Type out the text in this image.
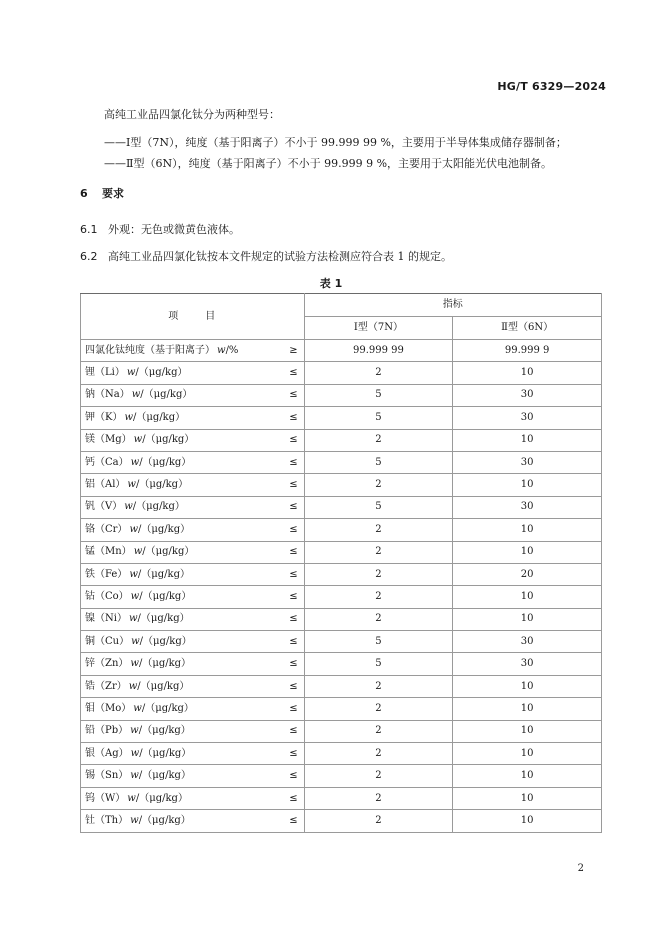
HG/T 6329—2024
高纯工业品四氯化钛分为两种型号：
——Ⅰ型（7N），纯度（基于阳离子）不小于 99.999 99 %，主要用于半导体集成储存器制备；
——Ⅱ型（6N），纯度（基于阳离子）不小于 99.999 9 %，主要用于太阳能光伏电池制备。
6 要求
6.1 外观：无色或微黄色液体。
6.2 高纯工业品四氯化钛按本文件规定的试验方法检测应符合表 1 的规定。
表 1
项 目	指标	
	Ⅰ型（7N）	Ⅱ型（6N）
四氯化钛纯度（基于阳离子） w/% ≥	99.999 99	99.999 9
锂（Li） w/（μg/kg） ≤	2	10
钠（Na） w/（μg/kg） ≤	5	30
钾（K） w/（μg/kg） ≤	5	30
镁（Mg） w/（μg/kg） ≤	2	10
钙（Ca） w/（μg/kg） ≤	5	30
铝（Al） w/（μg/kg） ≤	2	10
钒（V） w/（μg/kg） ≤	5	30
铬（Cr） w/（μg/kg） ≤	2	10
锰（Mn） w/（μg/kg） ≤	2	10
铁（Fe） w/（μg/kg） ≤	2	20
钴（Co） w/（μg/kg） ≤	2	10
镍（Ni） w/（μg/kg） ≤	2	10
铜（Cu） w/（μg/kg） ≤	5	30
锌（Zn） w/（μg/kg） ≤	5	30
锆（Zr） w/（μg/kg） ≤	2	10
钼（Mo） w/（μg/kg） ≤	2	10
铅（Pb） w/（μg/kg） ≤	2	10
银（Ag） w/（μg/kg） ≤	2	10
锡（Sn） w/（μg/kg） ≤	2	10
钨（W） w/（μg/kg） ≤	2	10
钍（Th） w/（μg/kg） ≤	2	10
2
